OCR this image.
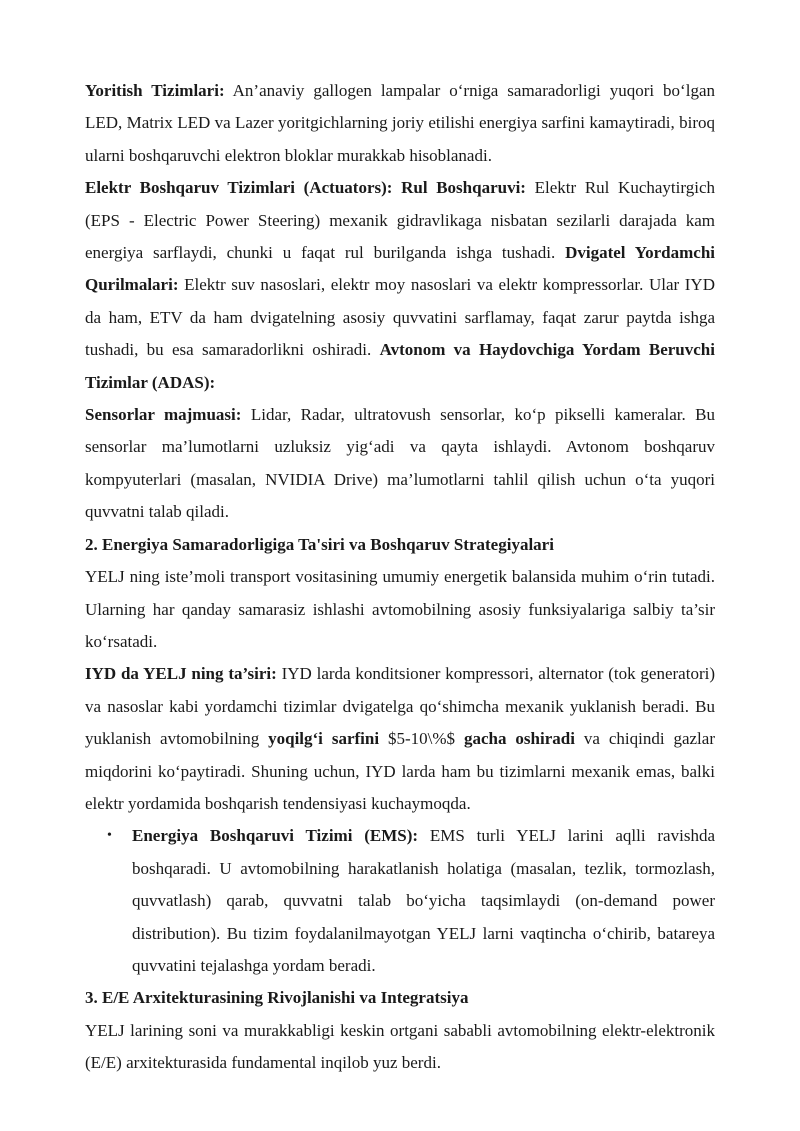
Yoritish Tizimlari: An’anaviy gallogen lampalar o‘rniga samaradorligi yuqori bo‘lgan LED, Matrix LED va Lazer yoritgichlarning joriy etilishi energiya sarfini kamaytiradi, biroq ularni boshqaruvchi elektron bloklar murakkab hisoblanadi.

Elektr Boshqaruv Tizimlari (Actuators): Rul Boshqaruvi: Elektr Rul Kuchaytirgich (EPS - Electric Power Steering) mexanik gidravlikaga nisbatan sezilarli darajada kam energiya sarflaydi, chunki u faqat rul burilganda ishga tushadi. Dvigatel Yordamchi Qurilmalari: Elektr suv nasoslari, elektr moy nasoslari va elektr kompressorlar. Ular IYD da ham, ETV da ham dvigatelning asosiy quvvatini sarflamay, faqat zarur paytda ishga tushadi, bu esa samaradorlikni oshiradi. Avtonom va Haydovchiga Yordam Beruvchi Tizimlar (ADAS):

Sensorlar majmuasi: Lidar, Radar, ultratovush sensorlar, ko‘p pikselli kameralar. Bu sensorlar ma’lumotlarni uzluksiz yig‘adi va qayta ishlaydi. Avtonom boshqaruv kompyuterlari (masalan, NVIDIA Drive) ma’lumotlarni tahlil qilish uchun o‘ta yuqori quvvatni talab qiladi.

2. Energiya Samaradorligiga Ta'siri va Boshqaruv Strategiyalari

YELJ ning iste’moli transport vositasining umumiy energetik balansida muhim o‘rin tutadi. Ularning har qanday samarasiz ishlashi avtomobilning asosiy funksiyalariga salbiy ta’sir ko‘rsatadi.

IYD da YELJ ning ta’siri: IYD larda konditsioner kompressori, alternator (tok generatori) va nasoslar kabi yordamchi tizimlar dvigatelga qo‘shimcha mexanik yuklanish beradi. Bu yuklanish avtomobilning yoqilg‘i sarfini $5-10\%$ gacha oshiradi va chiqindi gazlar miqdorini ko‘paytiradi. Shuning uchun, IYD larda ham bu tizimlarni mexanik emas, balki elektr yordamida boshqarish tendensiyasi kuchaymoqda.

• Energiya Boshqaruvi Tizimi (EMS): EMS turli YELJ larini aqlli ravishda boshqaradi. U avtomobilning harakatlanish holatiga (masalan, tezlik, tormozlash, quvvatlash) qarab, quvvatni talab bo‘yicha taqsimlaydi (on-demand power distribution). Bu tizim foydalanilmayotgan YELJ larni vaqtincha o‘chirib, batareya quvvatini tejalashga yordam beradi.

3. E/E Arxitekturasining Rivojlanishi va Integratsiya

YELJ larining soni va murakkabligi keskin ortgani sababli avtomobilning elektr-elektronik (E/E) arxitekturasida fundamental inqilob yuz berdi.
